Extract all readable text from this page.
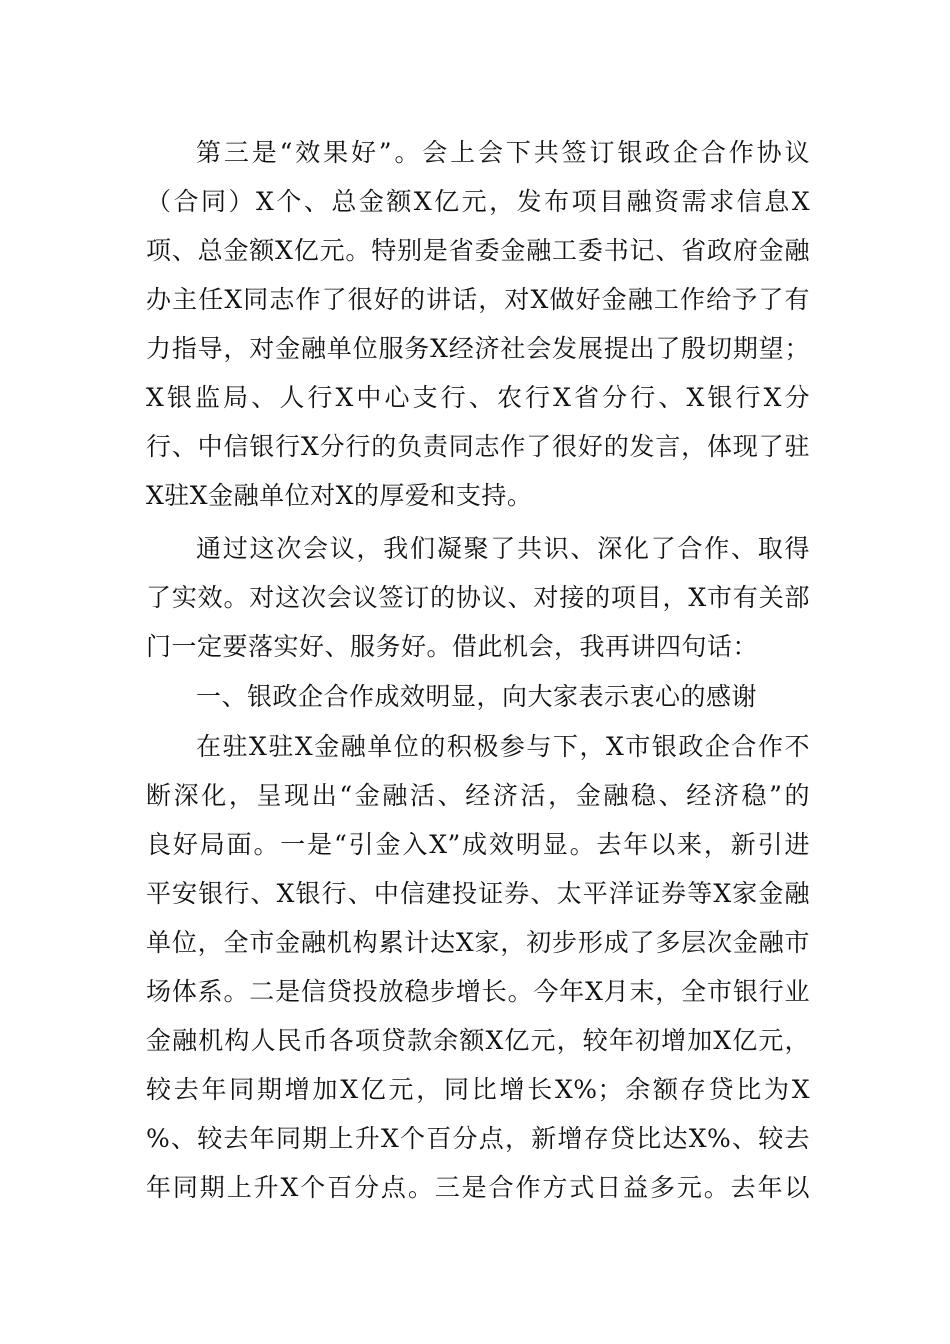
第三是“效果好”。会上会下共签订银政企合作协议
（合同）X个、总金额X亿元，发布项目融资需求信息X
项、总金额X亿元。特别是省委金融工委书记、省政府金融
办主任X同志作了很好的讲话，对X做好金融工作给予了有
力指导，对金融单位服务X经济社会发展提出了殷切期望；
X银监局、人行X中心支行、农行X省分行、X银行X分
行、中信银行X分行的负责同志作了很好的发言，体现了驻
X驻X金融单位对X的厚爱和支持。
通过这次会议，我们凝聚了共识、深化了合作、取得
了实效。对这次会议签订的协议、对接的项目，X市有关部
门一定要落实好、服务好。借此机会，我再讲四句话：
一、银政企合作成效明显，向大家表示衷心的感谢
在驻X驻X金融单位的积极参与下，X市银政企合作不
断深化，呈现出“金融活、经济活，金融稳、经济稳”的
良好局面。一是“引金入X”成效明显。去年以来，新引进
平安银行、X银行、中信建投证券、太平洋证券等X家金融
单位，全市金融机构累计达X家，初步形成了多层次金融市
场体系。二是信贷投放稳步增长。今年X月末，全市银行业
金融机构人民币各项贷款余额X亿元，较年初增加X亿元，
较去年同期增加X亿元，同比增长X%；余额存贷比为X
%、较去年同期上升X个百分点，新增存贷比达X%、较去
年同期上升X个百分点。三是合作方式日益多元。去年以
